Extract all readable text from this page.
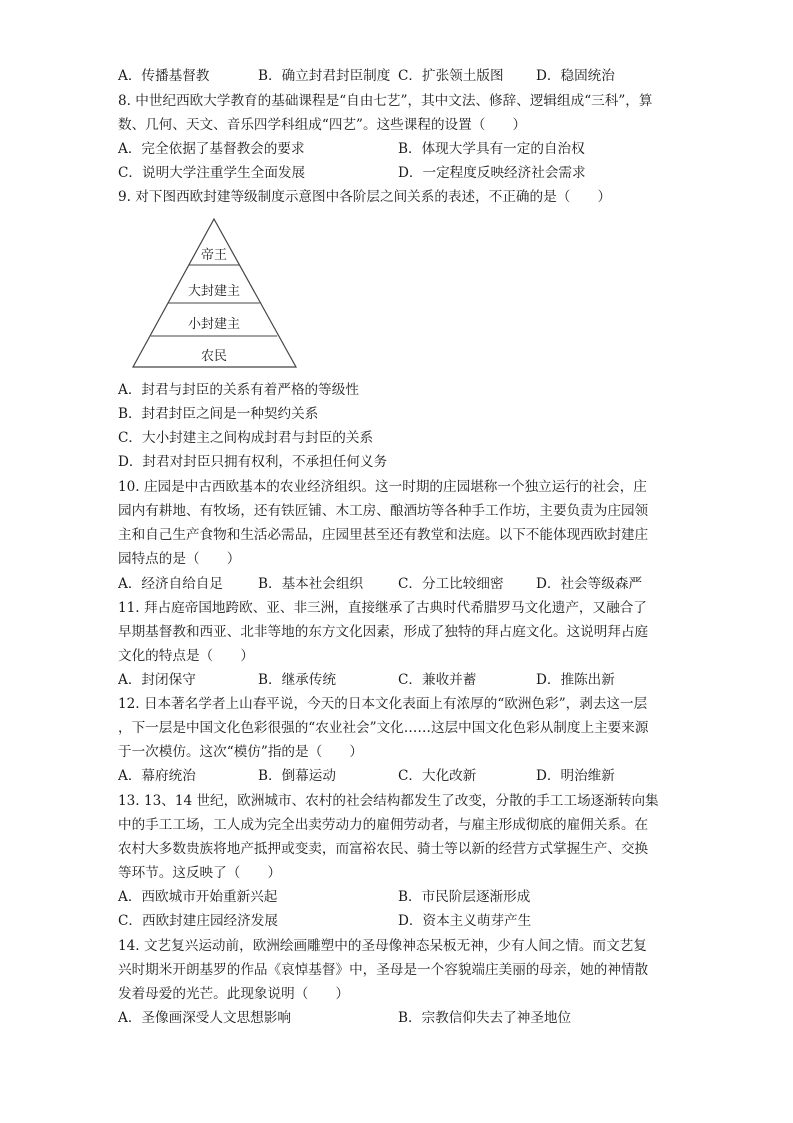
A．传播基督教	B．确立封君封臣制度 C．扩张领土版图 D．稳固统治
8. 中世纪西欧大学教育的基础课程是“自由七艺”，其中文法、修辞、逻辑组成“三科”，算
数、几何、天文、音乐四学科组成“四艺”。这些课程的设置（　　）
A．完全依据了基督教会的要求	B．体现大学具有一定的自治权
C．说明大学注重学生全面发展	D．一定程度反映经济社会需求
9. 对下图西欧封建等级制度示意图中各阶层之间关系的表述，不正确的是（　　）
帝王
大封建主
小封建主
农民
A．封君与封臣的关系有着严格的等级性
B．封君封臣之间是一种契约关系
C．大小封建主之间构成封君与封臣的关系
D．封君对封臣只拥有权利，不承担任何义务
10. 庄园是中古西欧基本的农业经济组织。这一时期的庄园堪称一个独立运行的社会，庄
园内有耕地、有牧场，还有铁匠铺、木工房、酿酒坊等各种手工作坊，主要负责为庄园领
主和自己生产食物和生活必需品，庄园里甚至还有教堂和法庭。以下不能体现西欧封建庄
园特点的是（　　）
A．经济自给自足	B．基本社会组织	C．分工比较细密 D．社会等级森严
11. 拜占庭帝国地跨欧、亚、非三洲，直接继承了古典时代希腊罗马文化遗产，又融合了
早期基督教和西亚、北非等地的东方文化因素，形成了独特的拜占庭文化。这说明拜占庭
文化的特点是（　　）
A．封闭保守	B．继承传统	C．兼收并蓄	D．推陈出新
12. 日本著名学者上山春平说，今天的日本文化表面上有浓厚的“欧洲色彩”，剥去这一层
，下一层是中国文化色彩很强的“农业社会”文化……这层中国文化色彩从制度上主要来源
于一次模仿。这次“模仿”指的是（　　）
A．幕府统治	B．倒幕运动	C．大化改新	D．明治维新
13. 13、14 世纪，欧洲城市、农村的社会结构都发生了改变，分散的手工工场逐渐转向集
中的手工工场，工人成为完全出卖劳动力的雇佣劳动者，与雇主形成彻底的雇佣关系。在
农村大多数贵族将地产抵押或变卖，而富裕农民、骑士等以新的经营方式掌握生产、交换
等环节。这反映了（　　）
A．西欧城市开始重新兴起	B．市民阶层逐渐形成
C．西欧封建庄园经济发展	D．资本主义萌芽产生
14. 文艺复兴运动前，欧洲绘画雕塑中的圣母像神态呆板无神，少有人间之情。而文艺复
兴时期米开朗基罗的作品《哀悼基督》中，圣母是一个容貌端庄美丽的母亲，她的神情散
发着母爱的光芒。此现象说明（　　）
A．圣像画深受人文思想影响	B．宗教信仰失去了神圣地位
